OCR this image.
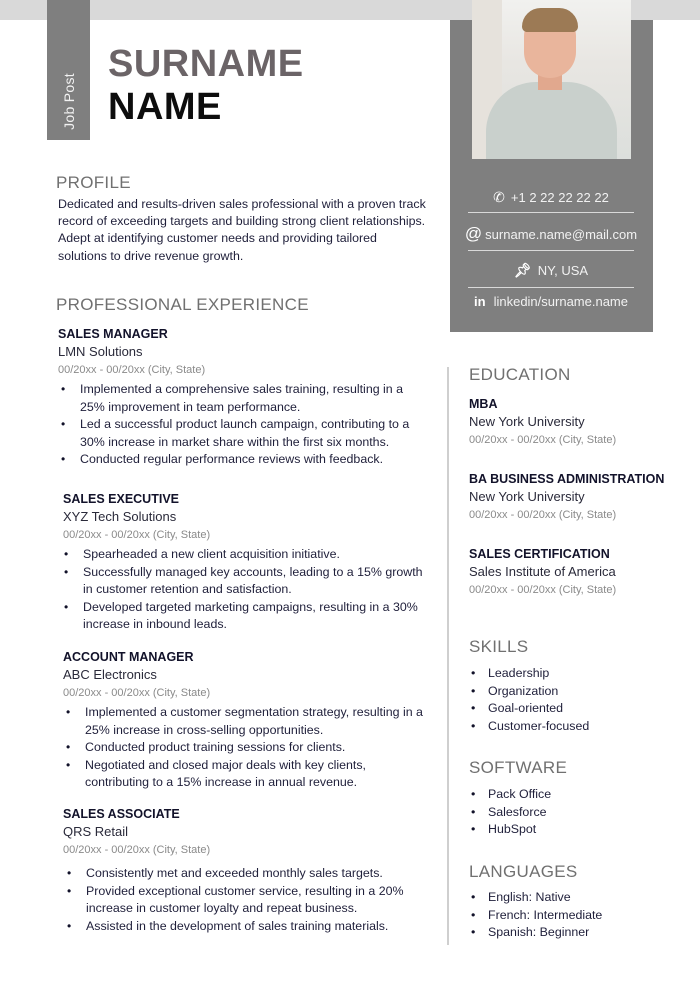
Job Post
SURNAME
NAME
✆ +1 2 22 22 22 22
@ surname.name@mail.com
📌︎ NY, USA
in linkedin/surname.name
PROFILE
Dedicated and results-driven sales professional with a proven track record of exceeding targets and building strong client relationships. Adept at identifying customer needs and providing tailored solutions to drive revenue growth.
PROFESSIONAL EXPERIENCE
SALES MANAGER
LMN Solutions
00/20xx - 00/20xx (City, State)
• Implemented a comprehensive sales training, resulting in a 25% improvement in team performance.
• Led a successful product launch campaign, contributing to a 30% increase in market share within the first six months.
• Conducted regular performance reviews with feedback.
SALES EXECUTIVE
XYZ Tech Solutions
00/20xx - 00/20xx (City, State)
• Spearheaded a new client acquisition initiative.
• Successfully managed key accounts, leading to a 15% growth in customer retention and satisfaction.
• Developed targeted marketing campaigns, resulting in a 30% increase in inbound leads.
ACCOUNT MANAGER
ABC Electronics
00/20xx - 00/20xx (City, State)
• Implemented a customer segmentation strategy, resulting in a 25% increase in cross-selling opportunities.
• Conducted product training sessions for clients.
• Negotiated and closed major deals with key clients, contributing to a 15% increase in annual revenue.
SALES ASSOCIATE
QRS Retail
00/20xx - 00/20xx (City, State)
• Consistently met and exceeded monthly sales targets.
• Provided exceptional customer service, resulting in a 20% increase in customer loyalty and repeat business.
• Assisted in the development of sales training materials.
EDUCATION
MBA
New York University
00/20xx - 00/20xx (City, State)
BA BUSINESS ADMINISTRATION
New York University
00/20xx - 00/20xx (City, State)
SALES CERTIFICATION
Sales Institute of America
00/20xx - 00/20xx (City, State)
SKILLS
• Leadership
• Organization
• Goal-oriented
• Customer-focused
SOFTWARE
• Pack Office
• Salesforce
• HubSpot
LANGUAGES
• English: Native
• French: Intermediate
• Spanish: Beginner
